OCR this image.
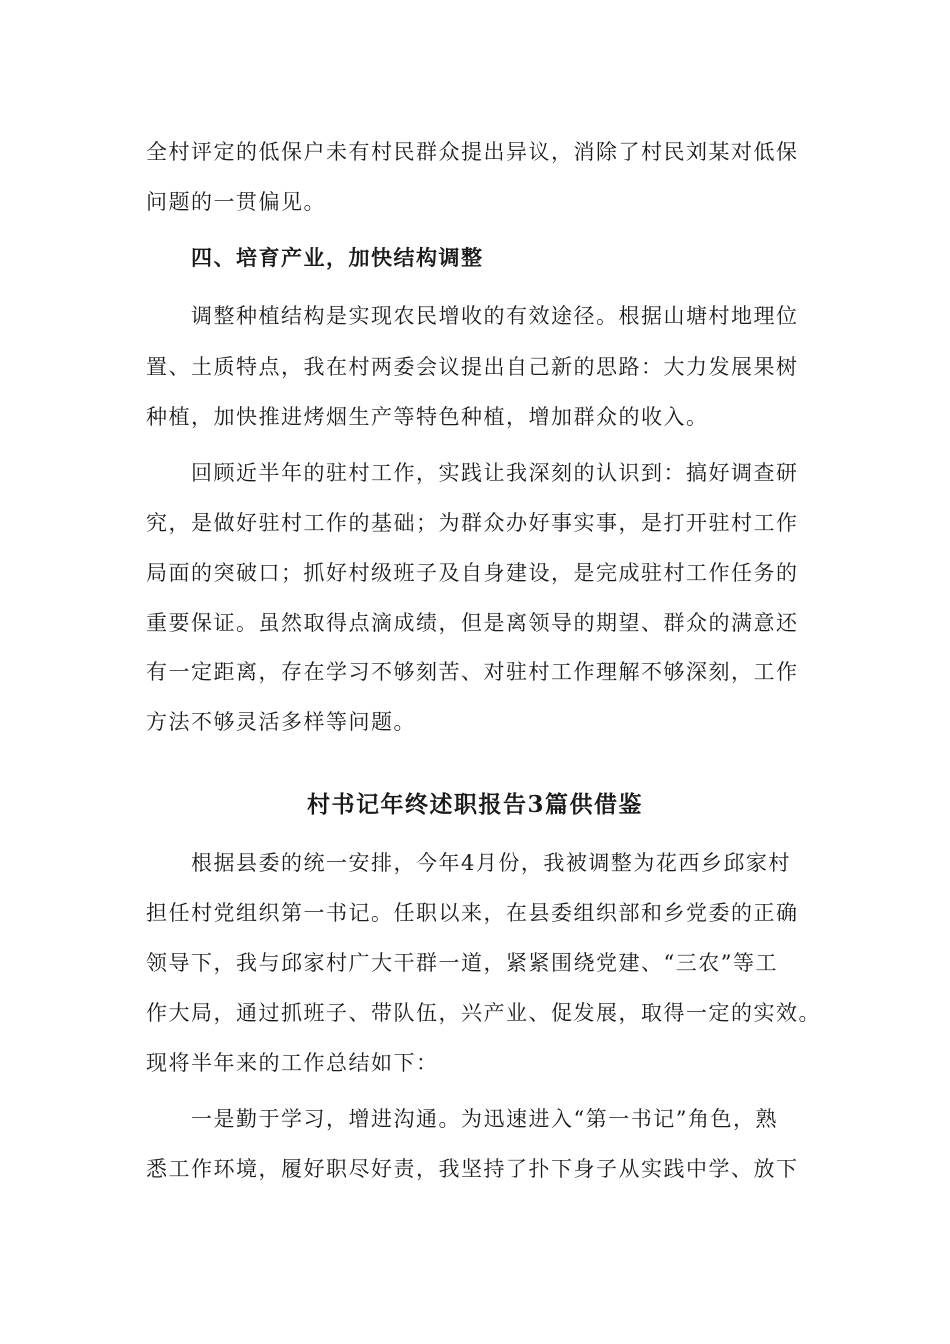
全村评定的低保户未有村民群众提出异议，消除了村民刘某对低保
问题的一贯偏见。
四、培育产业，加快结构调整
调整种植结构是实现农民增收的有效途径。根据山塘村地理位
置、土质特点，我在村两委会议提出自己新的思路：大力发展果树
种植，加快推进烤烟生产等特色种植，增加群众的收入。
回顾近半年的驻村工作，实践让我深刻的认识到：搞好调查研
究，是做好驻村工作的基础；为群众办好事实事，是打开驻村工作
局面的突破口；抓好村级班子及自身建设，是完成驻村工作任务的
重要保证。虽然取得点滴成绩，但是离领导的期望、群众的满意还
有一定距离，存在学习不够刻苦、对驻村工作理解不够深刻，工作
方法不够灵活多样等问题。
村书记年终述职报告3篇供借鉴
根据县委的统一安排，今年4月份，我被调整为花西乡邱家村
担任村党组织第一书记。任职以来，在县委组织部和乡党委的正确
领导下，我与邱家村广大干群一道，紧紧围绕党建、“三农”等工
作大局，通过抓班子、带队伍，兴产业、促发展，取得一定的实效。
现将半年来的工作总结如下：
一是勤于学习，增进沟通。为迅速进入“第一书记”角色，熟
悉工作环境，履好职尽好责，我坚持了扑下身子从实践中学、放下
